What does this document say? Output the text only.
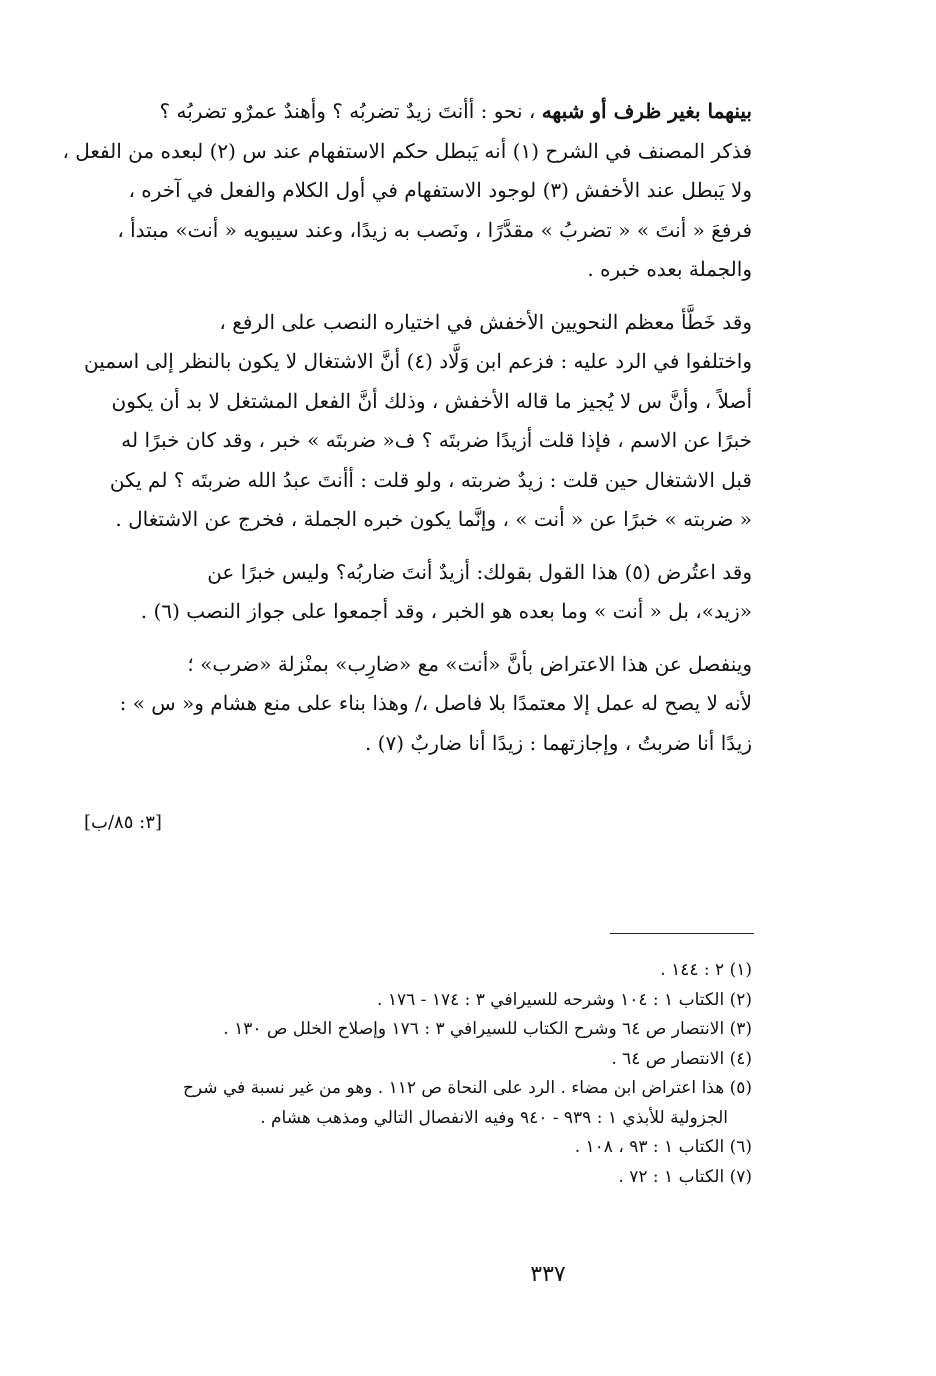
بينهما بغير ظرف أو شبهه ، نحو : أأنتَ زيدٌ تضربُه ؟ وأهندٌ عمرٌو تضربُه ؟
فذكر المصنف في الشرح (١) أنه يَبطل حكم الاستفهام عند س (٢) لبعده من الفعل ،
ولا يَبطل عند الأخفش (٣) لوجود الاستفهام في أول الكلام والفعل في آخره ،
فرفعَ « أنتَ » « تضربُ » مقدَّرًا ، ونَصب به زيدًا، وعند سيبويه « أنت» مبتدأ ،
والجملة بعده خبره .

وقد خَطَّأ معظم النحويين الأخفش في اختياره النصب على الرفع ،
واختلفوا في الرد عليه : فزعم ابن وَلَّاد (٤) أنَّ الاشتغال لا يكون بالنظر إلى اسمين
أصلاً ، وأنَّ س لا يُجيز ما قاله الأخفش ، وذلك أنَّ الفعل المشتغل لا بد أن يكون
خبرًا عن الاسم ، فإذا قلت أزيدًا ضربتَه ؟ ف« ضربتَه » خبر ، وقد كان خبرًا له
قبل الاشتغال حين قلت : زيدٌ ضربته ، ولو قلت : أأنتَ عبدُ الله ضربتَه ؟ لم يكن
« ضربته » خبرًا عن « أنت » ، وإنَّما يكون خبره الجملة ، فخرج عن الاشتغال .

وقد اعتُرض (٥) هذا القول بقولك: أزيدٌ أنتَ ضاربُه؟ وليس خبرًا عن
«زيد»، بل « أنت » وما بعده هو الخبر ، وقد أجمعوا على جواز النصب (٦) .

وينفصل عن هذا الاعتراض بأنَّ «أنت» مع «ضارِب» بمنْزلة «ضرب» ؛
لأنه لا يصح له عمل إلا معتمدًا بلا فاصل ،/ وهذا بناء على منع هشام و« س » :
زيدًا أنا ضربتُ ، وإجازتهما : زيدًا أنا ضاربٌ (٧) .

[٣: ٨٥/ب]
(١) ٢ : ١٤٤ .
(٢) الكتاب ١ : ١٠٤ وشرحه للسيرافي ٣ : ١٧٤ - ١٧٦ .
(٣) الانتصار ص ٦٤ وشرح الكتاب للسيرافي ٣ : ١٧٦ وإصلاح الخلل ص ١٣٠ .
(٤) الانتصار ص ٦٤ .
(٥) هذا اعتراض ابن مضاء . الرد على النحاة ص ١١٢ . وهو من غير نسبة في شرح
الجزولية للأبذي ١ : ٩٣٩ - ٩٤٠ وفيه الانفصال التالي ومذهب هشام .
(٦) الكتاب ١ : ٩٣ ، ١٠٨ .
(٧) الكتاب ١ : ٧٢ .
٣٣٧
